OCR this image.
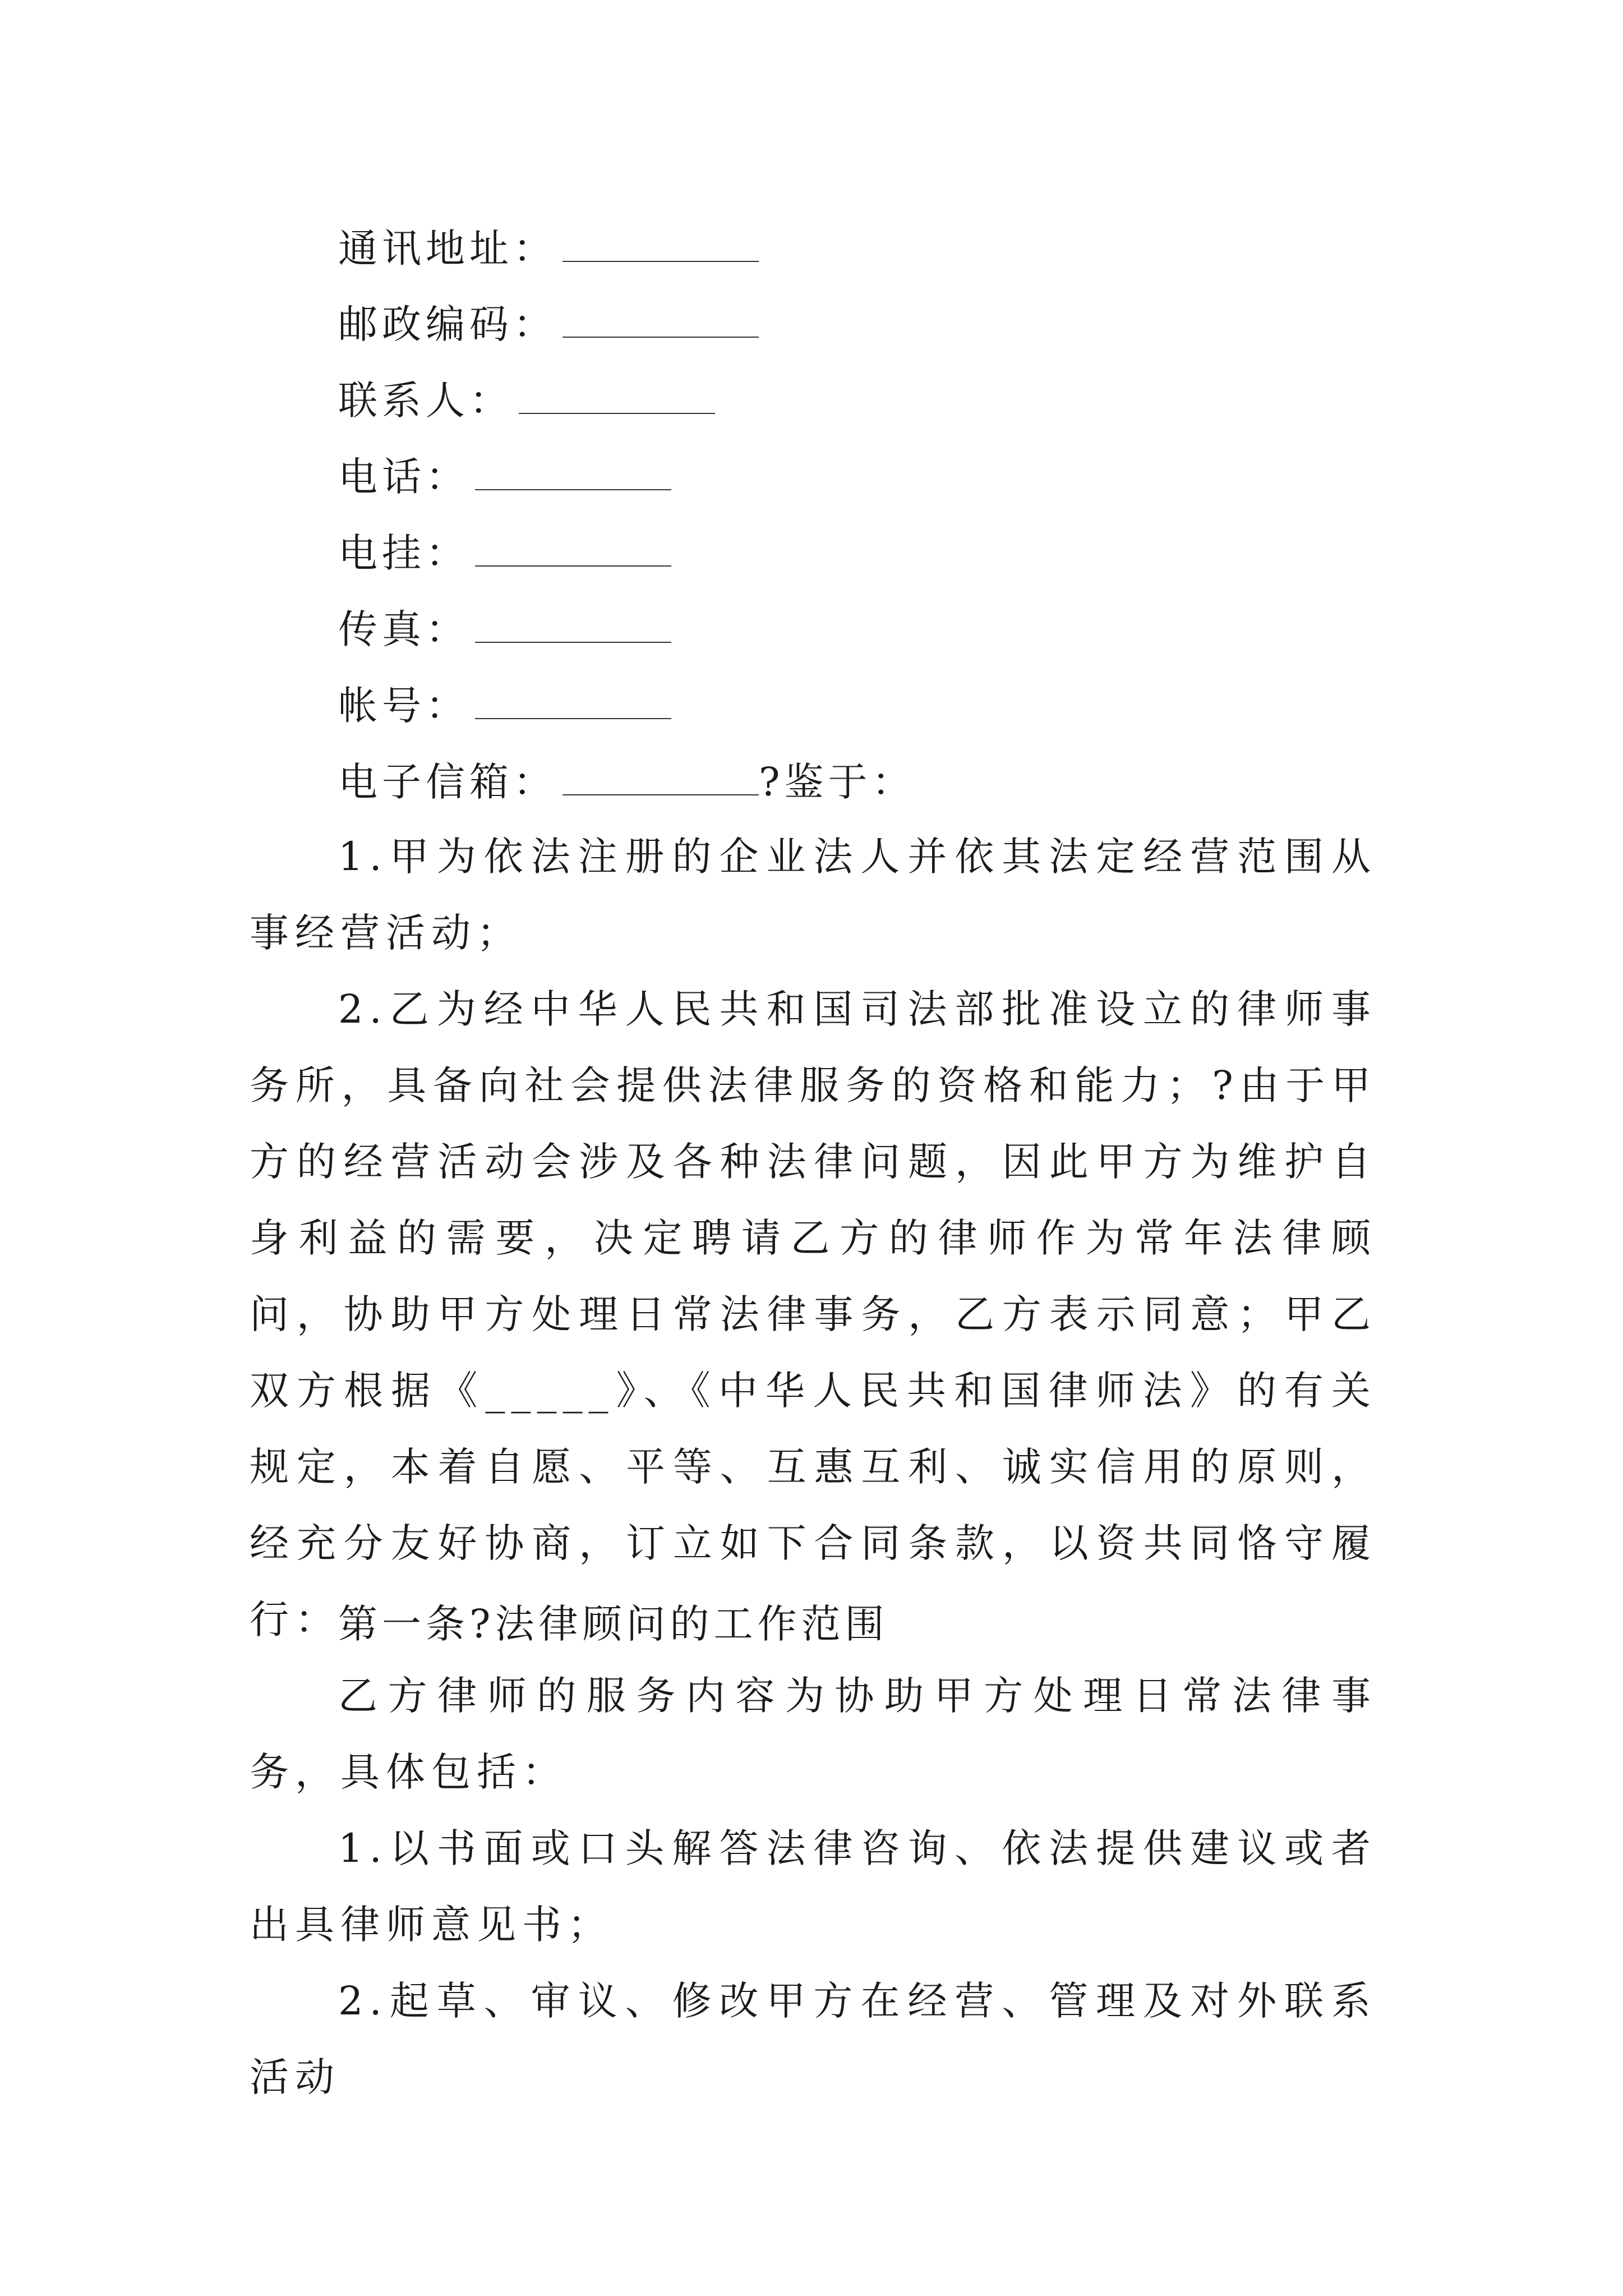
通讯地址：
邮政编码：
联系人：
电话：
电挂：
传真：
帐号：
电子信箱：	?鉴于：

1.甲为依法注册的企业法人并依其法定经营范围从事经营活动；

2.乙为经中华人民共和国司法部批准设立的律师事务所，具备向社会提供法律服务的资格和能力；?由于甲方的经营活动会涉及各种法律问题，因此甲方为维护自身利益的需要，决定聘请乙方的律师作为常年法律顾问，协助甲方处理日常法律事务，乙方表示同意；甲乙双方根据《_____》、《中华人民共和国律师法》的有关规定，本着自愿、平等、互惠互利、诚实信用的原则，经充分友好协商，订立如下合同条款，以资共同恪守履行：

第一条?法律顾问的工作范围

乙方律师的服务内容为协助甲方处理日常法律事务，具体包括：

1.以书面或口头解答法律咨询、依法提供建议或者出具律师意见书；

2.起草、审议、修改甲方在经营、管理及对外联系活动
